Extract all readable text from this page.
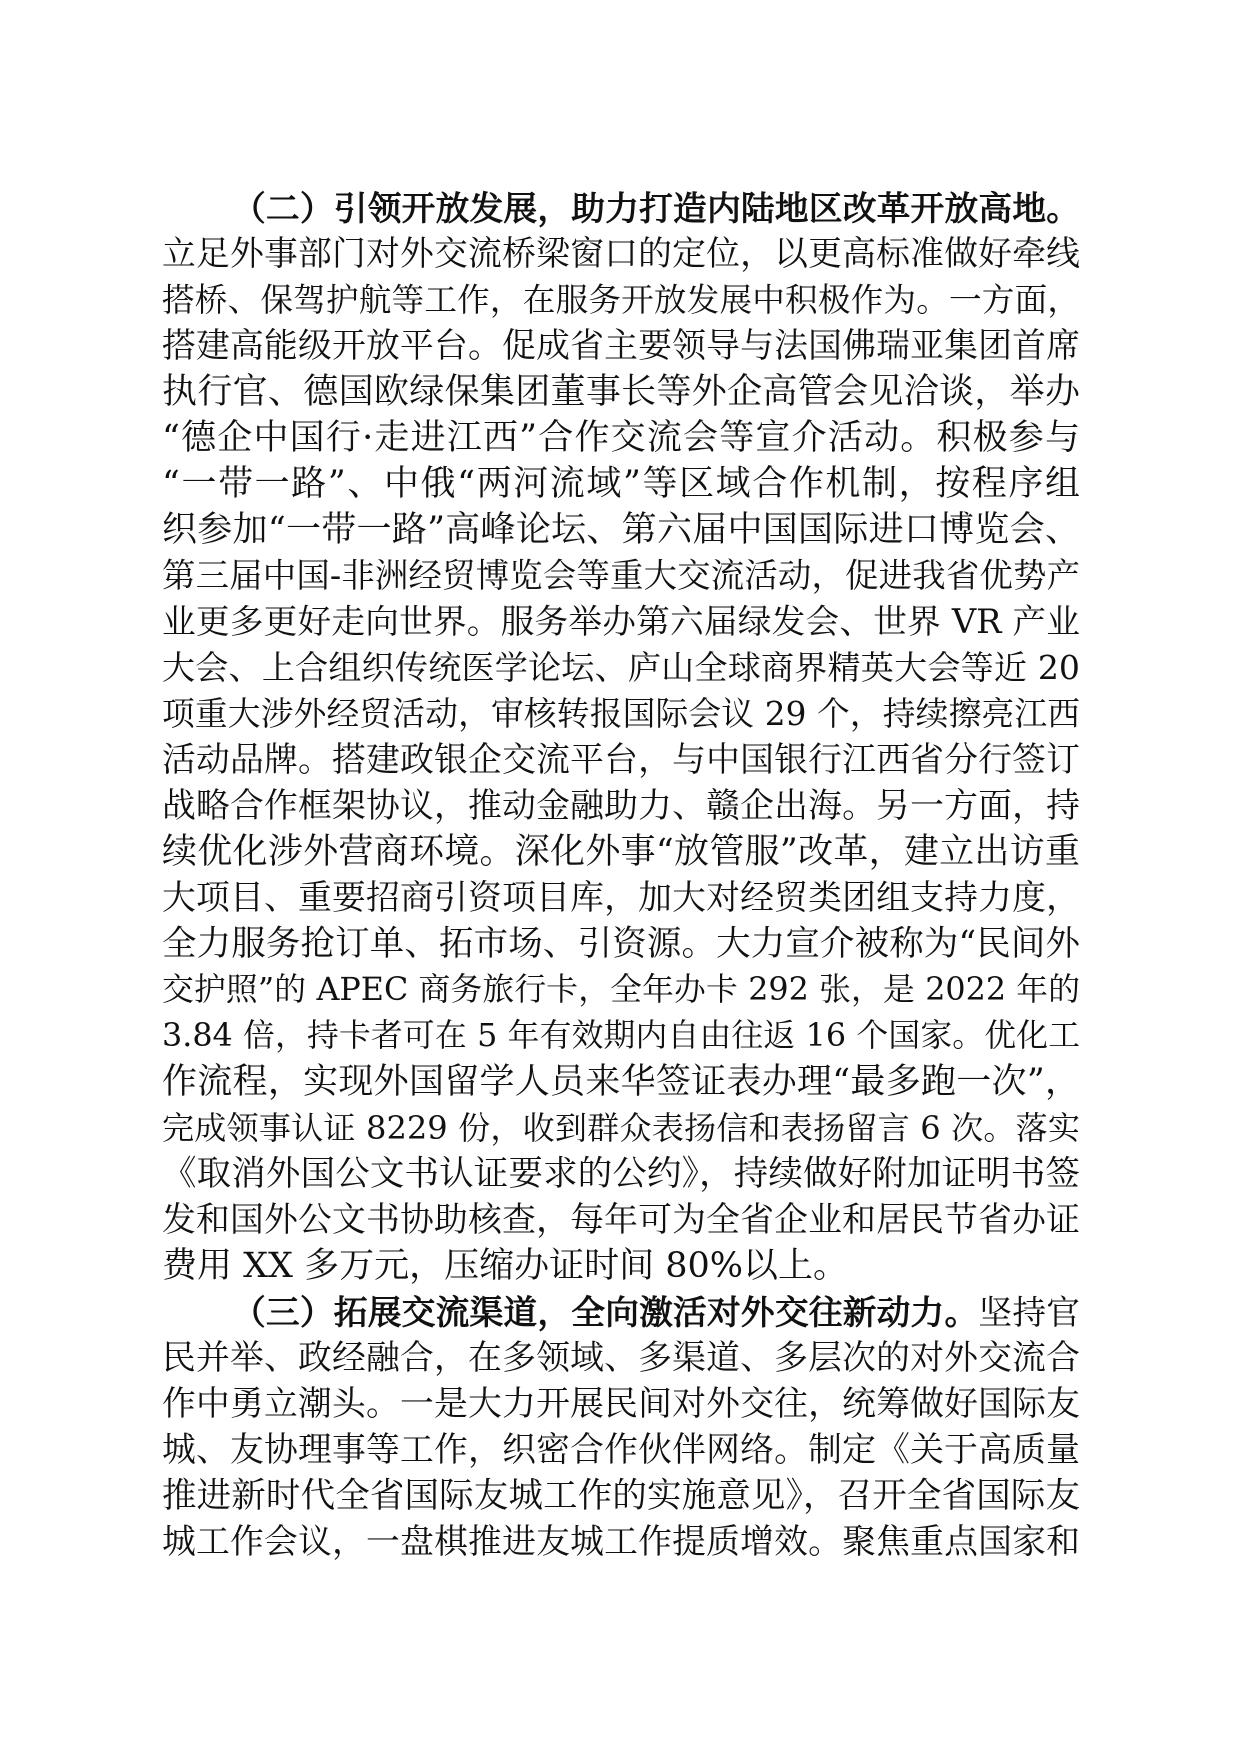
（二）引领开放发展，助力打造内陆地区改革开放高地。
立足外事部门对外交流桥梁窗口的定位，以更高标准做好牵线
搭桥、保驾护航等工作，在服务开放发展中积极作为。一方面，
搭建高能级开放平台。促成省主要领导与法国佛瑞亚集团首席
执行官、德国欧绿保集团董事长等外企高管会见洽谈，举办
“德企中国行·走进江西”合作交流会等宣介活动。积极参与
“一带一路”、中俄“两河流域”等区域合作机制，按程序组
织参加“一带一路”高峰论坛、第六届中国国际进口博览会、
第三届中国-非洲经贸博览会等重大交流活动，促进我省优势产
业更多更好走向世界。服务举办第六届绿发会、世界 VR 产业
大会、上合组织传统医学论坛、庐山全球商界精英大会等近 20
项重大涉外经贸活动，审核转报国际会议 29 个，持续擦亮江西
活动品牌。搭建政银企交流平台，与中国银行江西省分行签订
战略合作框架协议，推动金融助力、赣企出海。另一方面，持
续优化涉外营商环境。深化外事“放管服”改革，建立出访重
大项目、重要招商引资项目库，加大对经贸类团组支持力度，
全力服务抢订单、拓市场、引资源。大力宣介被称为“民间外
交护照”的 APEC 商务旅行卡，全年办卡 292 张，是 2022 年的
3.84 倍，持卡者可在 5 年有效期内自由往返 16 个国家。优化工
作流程，实现外国留学人员来华签证表办理“最多跑一次”，
完成领事认证 8229 份，收到群众表扬信和表扬留言 6 次。落实
《取消外国公文书认证要求的公约》，持续做好附加证明书签
发和国外公文书协助核查，每年可为全省企业和居民节省办证
费用 XX 多万元，压缩办证时间 80%以上。
（三）拓展交流渠道，全向激活对外交往新动力。坚持官
民并举、政经融合，在多领域、多渠道、多层次的对外交流合
作中勇立潮头。一是大力开展民间对外交往，统筹做好国际友
城、友协理事等工作，织密合作伙伴网络。制定《关于高质量
推进新时代全省国际友城工作的实施意见》，召开全省国际友
城工作会议，一盘棋推进友城工作提质增效。聚焦重点国家和
